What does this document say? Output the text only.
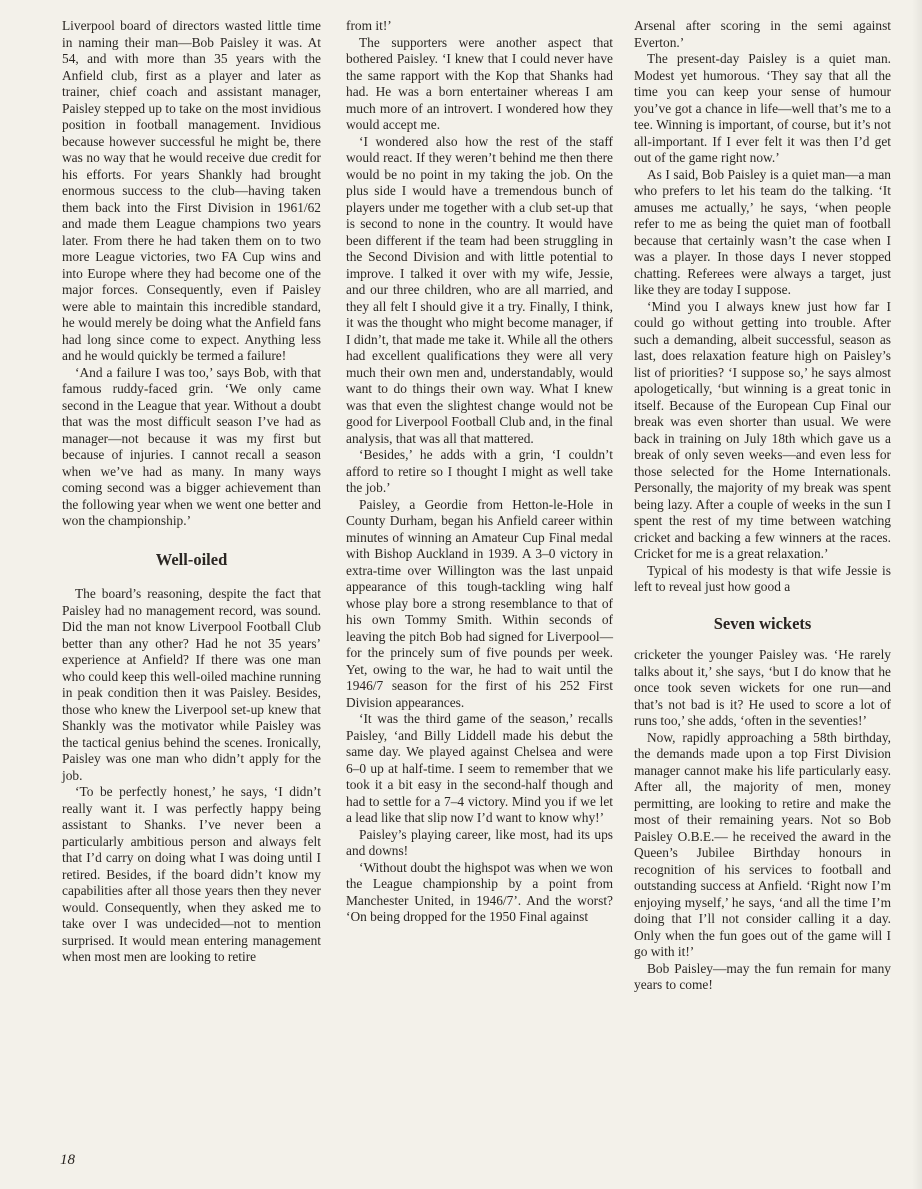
Liverpool board of directors wasted little time in naming their man—Bob Paisley it was. At 54, and with more than 35 years with the Anfield club, first as a player and later as trainer, chief coach and assistant manager, Paisley stepped up to take on the most invidious position in football management. Invidious because however successful he might be, there was no way that he would receive due credit for his efforts. For years Shankly had brought enormous success to the club—having taken them back into the First Division in 1961/62 and made them League champions two years later. From there he had taken them on to two more League victories, two FA Cup wins and into Europe where they had become one of the major forces. Consequently, even if Paisley were able to maintain this incredible standard, he would merely be doing what the Anfield fans had long since come to expect. Anything less and he would quickly be termed a failure!

‘And a failure I was too,’ says Bob, with that famous ruddy-faced grin. ‘We only came second in the League that year. Without a doubt that was the most difficult season I’ve had as manager—not because it was my first but because of injuries. I cannot recall a season when we’ve had as many. In many ways coming second was a bigger achievement than the following year when we went one better and won the championship.’

Well-oiled

The board’s reasoning, despite the fact that Paisley had no management record, was sound. Did the man not know Liverpool Football Club better than any other? Had he not 35 years’ experience at Anfield? If there was one man who could keep this well-oiled machine running in peak condition then it was Paisley. Besides, those who knew the Liverpool set-up knew that Shankly was the motivator while Paisley was the tactical genius behind the scenes. Ironically, Paisley was one man who didn’t apply for the job.

‘To be perfectly honest,’ he says, ‘I didn’t really want it. I was perfectly happy being assistant to Shanks. I’ve never been a particularly ambitious person and always felt that I’d carry on doing what I was doing until I retired. Besides, if the board didn’t know my capabilities after all those years then they never would. Consequently, when they asked me to take over I was undecided—not to mention surprised. It would mean entering management when most men are looking to retire

from it!’

The supporters were another aspect that bothered Paisley. ‘I knew that I could never have the same rapport with the Kop that Shanks had had. He was a born entertainer whereas I am much more of an introvert. I wondered how they would accept me.

‘I wondered also how the rest of the staff would react. If they weren’t behind me then there would be no point in my taking the job. On the plus side I would have a tremendous bunch of players under me together with a club set-up that is second to none in the country. It would have been different if the team had been struggling in the Second Division and with little potential to improve. I talked it over with my wife, Jessie, and our three children, who are all married, and they all felt I should give it a try. Finally, I think, it was the thought who might become manager, if I didn’t, that made me take it. While all the others had excellent qualifications they were all very much their own men and, understandably, would want to do things their own way. What I knew was that even the slightest change would not be good for Liverpool Football Club and, in the final analysis, that was all that mattered.

‘Besides,’ he adds with a grin, ‘I couldn’t afford to retire so I thought I might as well take the job.’

Paisley, a Geordie from Hetton-le-Hole in County Durham, began his Anfield career within minutes of winning an Amateur Cup Final medal with Bishop Auckland in 1939. A 3–0 victory in extra-time over Willington was the last unpaid appearance of this tough-tackling wing half whose play bore a strong resemblance to that of his own Tommy Smith. Within seconds of leaving the pitch Bob had signed for Liverpool—for the princely sum of five pounds per week. Yet, owing to the war, he had to wait until the 1946/7 season for the first of his 252 First Division appearances.

‘It was the third game of the season,’ recalls Paisley, ‘and Billy Liddell made his debut the same day. We played against Chelsea and were 6–0 up at half-time. I seem to remember that we took it a bit easy in the second-half though and had to settle for a 7–4 victory. Mind you if we let a lead like that slip now I’d want to know why!’

Paisley’s playing career, like most, had its ups and downs!

‘Without doubt the highspot was when we won the League championship by a point from Manchester United, in 1946/7’. And the worst? ‘On being dropped for the 1950 Final against

Arsenal after scoring in the semi against Everton.’

The present-day Paisley is a quiet man. Modest yet humorous. ‘They say that all the time you can keep your sense of humour you’ve got a chance in life—well that’s me to a tee. Winning is important, of course, but it’s not all-important. If I ever felt it was then I’d get out of the game right now.’

As I said, Bob Paisley is a quiet man—a man who prefers to let his team do the talking. ‘It amuses me actually,’ he says, ‘when people refer to me as being the quiet man of football because that certainly wasn’t the case when I was a player. In those days I never stopped chatting. Referees were always a target, just like they are today I suppose.

‘Mind you I always knew just how far I could go without getting into trouble. After such a demanding, albeit successful, season as last, does relaxation feature high on Paisley’s list of priorities? ‘I suppose so,’ he says almost apologetically, ‘but winning is a great tonic in itself. Because of the European Cup Final our break was even shorter than usual. We were back in training on July 18th which gave us a break of only seven weeks—and even less for those selected for the Home Internationals. Personally, the majority of my break was spent being lazy. After a couple of weeks in the sun I spent the rest of my time between watching cricket and backing a few winners at the races. Cricket for me is a great relaxation.’

Typical of his modesty is that wife Jessie is left to reveal just how good a

Seven wickets

cricketer the younger Paisley was. ‘He rarely talks about it,’ she says, ‘but I do know that he once took seven wickets for one run—and that’s not bad is it? He used to score a lot of runs too,’ she adds, ‘often in the seventies!’

Now, rapidly approaching a 58th birthday, the demands made upon a top First Division manager cannot make his life particularly easy. After all, the majority of men, money permitting, are looking to retire and make the most of their remaining years. Not so Bob Paisley O.B.E.— he received the award in the Queen’s Jubilee Birthday honours in recognition of his services to football and outstanding success at Anfield. ‘Right now I’m enjoying myself,’ he says, ‘and all the time I’m doing that I’ll not consider calling it a day. Only when the fun goes out of the game will I go with it!’

Bob Paisley—may the fun remain for many years to come!

18
